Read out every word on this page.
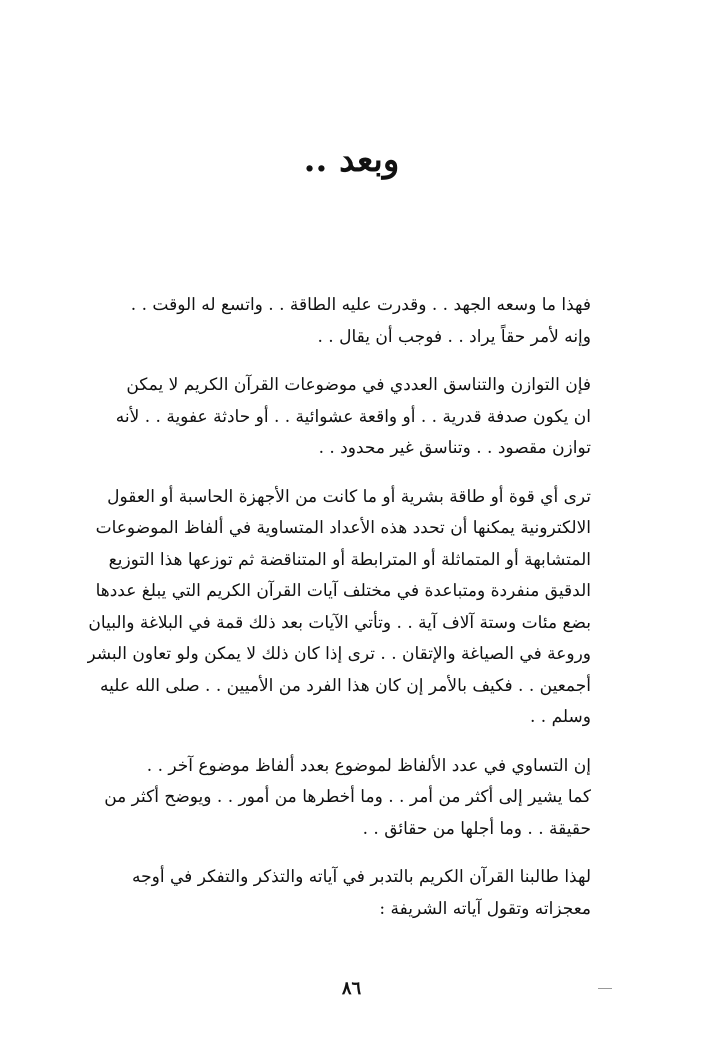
وبعد ..

فهذا ما وسعه الجهد . . وقدرت عليه الطاقة . . واتسع له الوقت . .
وإنه لأمر حقاً يراد . . فوجب أن يقال . .

فإن التوازن والتناسق العددي في موضوعات القرآن الكريم لا يمكن
ان يكون صدفة قدرية . . أو واقعة عشوائية . . أو حادثة عفوية . . لأنه
توازن مقصود . . وتناسق غير محدود . .

ترى أي قوة أو طاقة بشرية أو ما كانت من الأجهزة الحاسبة أو العقول
الالكترونية يمكنها أن تحدد هذه الأعداد المتساوية في ألفاظ الموضوعات
المتشابهة أو المتماثلة أو المترابطة أو المتناقضة ثم توزعها هذا التوزيع
الدقيق منفردة ومتباعدة في مختلف آيات القرآن الكريم التي يبلغ عددها
بضع مئات وستة آلاف آية . . وتأتي الآيات بعد ذلك قمة في البلاغة والبيان
وروعة في الصياغة والإتقان . . ترى إذا كان ذلك لا يمكن ولو تعاون البشر
أجمعين . . فكيف بالأمر إن كان هذا الفرد من الأميين . . صلى الله عليه
وسلم . .

إن التساوي في عدد الألفاظ لموضوع بعدد ألفاظ موضوع آخر . .
كما يشير إلى أكثر من أمر . . وما أخطرها من أمور . . ويوضح أكثر من
حقيقة . . وما أجلها من حقائق . .

لهذا طالبنا القرآن الكريم بالتدبر في آياته والتذكر والتفكر في أوجه
معجزاته وتقول آياته الشريفة :

٨٦
